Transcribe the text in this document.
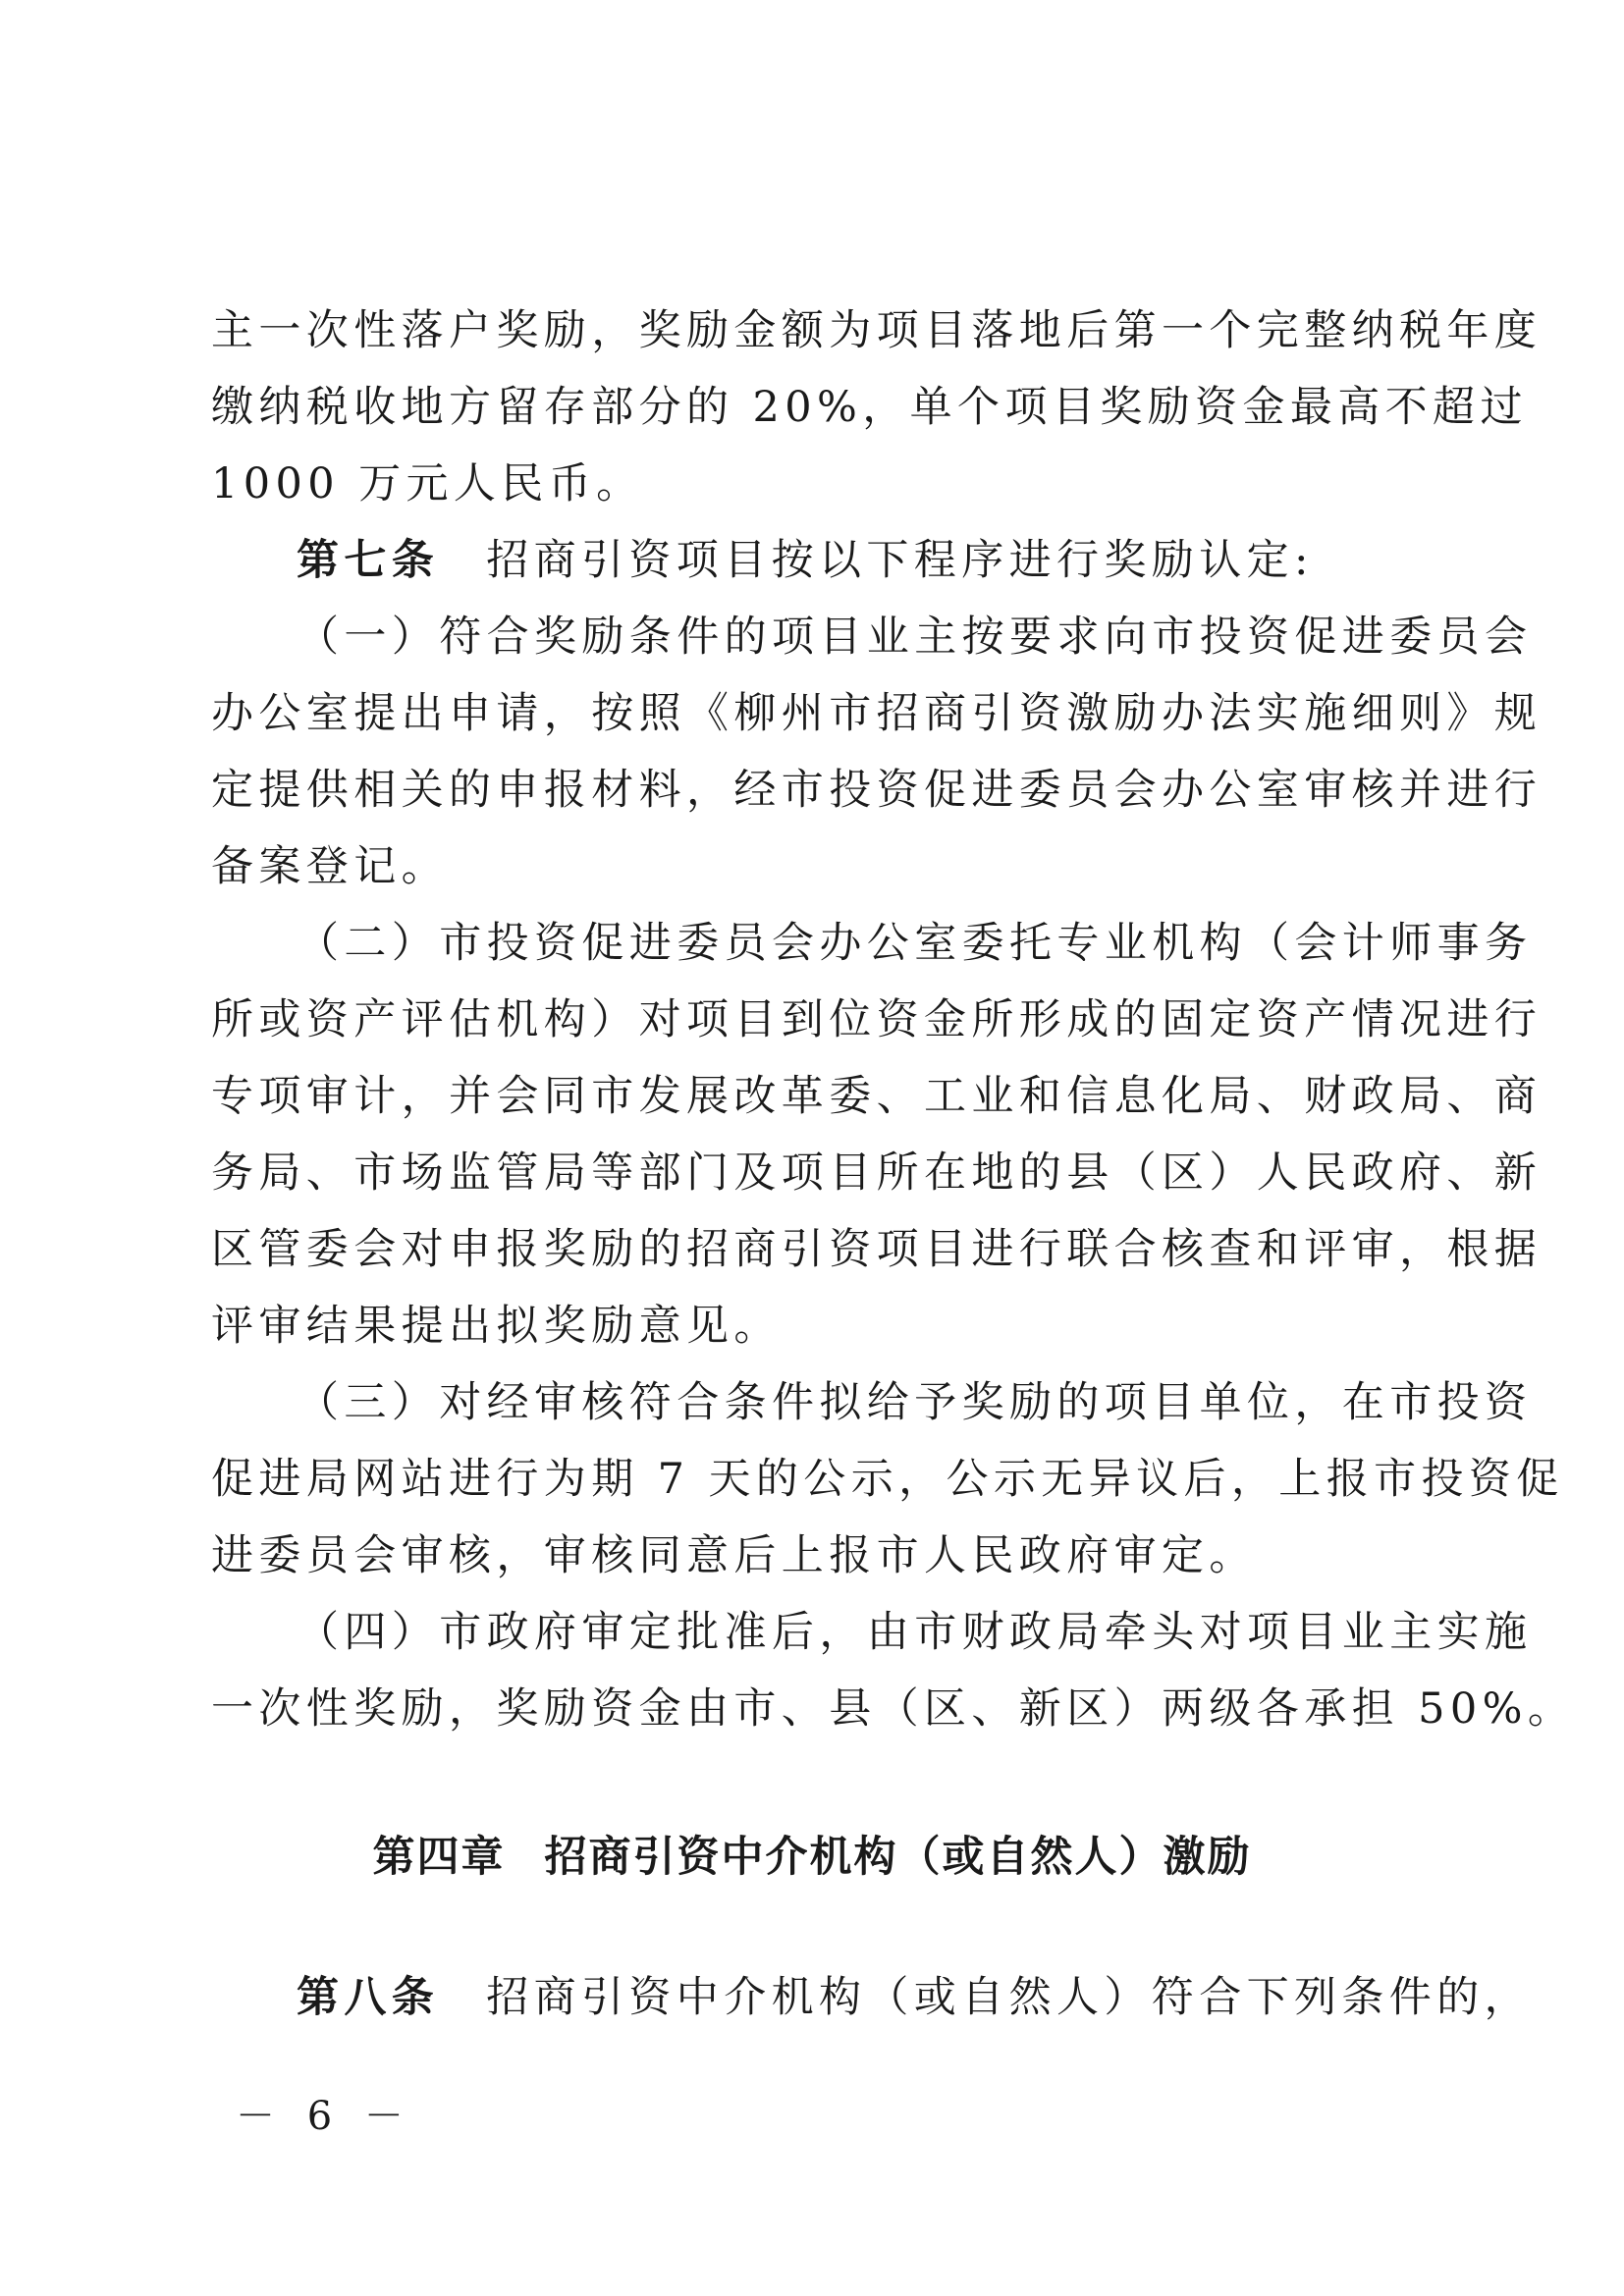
主一次性落户奖励，奖励金额为项目落地后第一个完整纳税年度
缴纳税收地方留存部分的 20%，单个项目奖励资金最高不超过
1000 万元人民币。
第七条 招商引资项目按以下程序进行奖励认定:
（一）符合奖励条件的项目业主按要求向市投资促进委员会
办公室提出申请，按照《柳州市招商引资激励办法实施细则》规
定提供相关的申报材料，经市投资促进委员会办公室审核并进行
备案登记。
（二）市投资促进委员会办公室委托专业机构（会计师事务
所或资产评估机构）对项目到位资金所形成的固定资产情况进行
专项审计，并会同市发展改革委、工业和信息化局、财政局、商
务局、市场监管局等部门及项目所在地的县（区）人民政府、新
区管委会对申报奖励的招商引资项目进行联合核查和评审，根据
评审结果提出拟奖励意见。
（三）对经审核符合条件拟给予奖励的项目单位，在市投资
促进局网站进行为期 7 天的公示，公示无异议后，上报市投资促
进委员会审核，审核同意后上报市人民政府审定。
（四）市政府审定批准后，由市财政局牵头对项目业主实施
一次性奖励，奖励资金由市、县（区、新区）两级各承担 50%。
第四章 招商引资中介机构（或自然人）激励
第八条 招商引资中介机构（或自然人）符合下列条件的，
－ 6 －
